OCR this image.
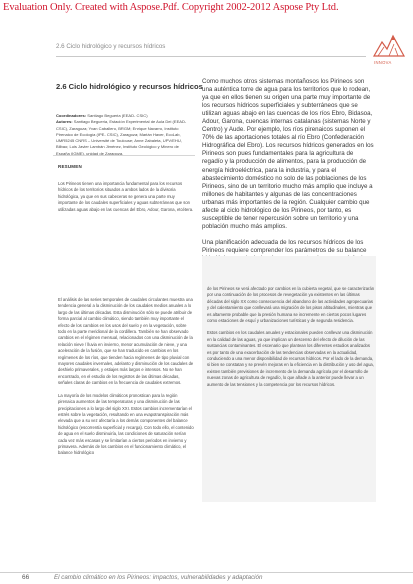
Evaluation Only. Created with Aspose.Pdf. Copyright 2002-2012 Aspose Pty Ltd.
2.6 Ciclo hidrológico y recursos hídricos
INNOVA
2.6 Ciclo hidrológico y recursos hídricos
Coordinadores: Santiago Begueria (EEAD- CSIC)
Autores: Santiago Begueria, Estación Experimental de Aula Dei (EEAD-CSIC), Zaragoza; Yvan Caballero, BRGM; Enrique Navarro, Instituto Pirenaico de Ecología (IPE- CSIC), Zaragoza; Marián Haver, EcoLab, UMR5245 CNRS – Université de Toulouse; Anne Zabaleta, UPV/EHU, Bilbao; Luis Javier Lambán Jiménez, Instituto Geológico y Minero de España (IGME), unidad de Zaragoza.
RESUMEN
Los Pirineos tienen una importancia fundamental para los recursos hídricos de los territorios situados a ambos lados de la divisoria hidrológica, ya que en sus cabeceras se genera una parte muy importante de los caudales superficiales y aguas subterráneas que son utilizadas aguas abajo en las cuencas del Ebro, Adour, Garona, etcétera.

El análisis de las series temporales de caudales circulantes muestra una tendencia general a la disminución de los caudales medios anuales a lo largo de las últimas décadas. Esta disminución sólo se puede atribuir de forma parcial al cambio climático, siendo también muy importante el efecto de los cambios en los usos del suelo y en la vegetación, sobre todo en la parte meridional de la cordillera. También se han observado cambios en el régimen mensual, relacionados con una disminución de la relación nieve / lluvia en invierno, menor acumulación de nieve, y una aceleración de la fusión, que se han traducido en cambios en los regímenes de los ríos, que tienden hacia regímenes de tipo pluvial con mayores caudales invernales, adelanto y disminución de los caudales de deshielo primaverales, y estiajes más largos e intensos. No se han encontrado, en el estudio de los registros de las últimas décadas, señales claras de cambios en la frecuencia de caudales extremos.

La mayoría de los modelos climáticos pronostican para la región pirenaica aumentos de las temperaturas y una disminución de las precipitaciones a lo largo del siglo XXI. Estos cambios incrementarían el estrés sobre la vegetación, resultando en una evapotranspiración más elevada que a su vez afectaría a los demás componentes del balance hidrológico (escorrentía superficial y recarga). Con todo ello, el contenido de agua en el suelo disminuiría, las condiciones de saturación serían cada vez más escasas y se limitarían a ciertos periodos en invierno y primavera. Además de los cambios en el funcionamiento climático, el balance hidrológico

Como muchos otros sistemas montañosos los Pirineos son una auténtica torre de agua para los territorios que lo rodean, ya que en ellos tienen su origen una parte muy importante de los recursos hídricos superficiales y subterráneos que se utilizan aguas abajo en las cuencas de los ríos Ebro, Bidasoa, Adour, Garona, cuencas internas catalanas (sistemas Norte y Centro) y Aude. Por ejemplo, los ríos pirenaicos suponen el 70% de las aportaciones totales al río Ebro (Confederación Hidrográfica del Ebro). Los recursos hídricos generados en los Pirineos son pues fundamentales para la agricultura de regadío y la producción de alimentos, para la producción de energía hidroeléctrica, para la industria, y para el abastecimiento doméstico no solo de las poblaciones de los Pirineos, sino de un territorio mucho más amplio que incluye a millones de habitantes y algunas de las concentraciones urbanas más importantes de la región. Cualquier cambio que afecte al ciclo hidrológico de los Pirineos, por tanto, es susceptible de tener repercusión sobre un territorio y una población mucho más amplios.

Una planificación adecuada de los recursos hídricos de los Pirineos requiere comprender los parámetros de su balance

de los Pirineos se verá afectado por cambios en la cubierta vegetal, que se caracterizarán por una continuación de los procesos de revegetación ya existentes en las últimas décadas del siglo XX como consecuencia del abandono de las actividades agropecuarias y del calentamiento que conllevará una migración de los pisos altitudinales, mientras que es altamente probable que la presión humana se incremente en ciertos pocos lugares como estaciones de esquí y urbanizaciones turísticas y de segunda residencia.

Estos cambios en los caudales anuales y estacionales pueden conllevar una disminución en la calidad de las aguas, ya que implican un descenso del efecto de dilución de las sustancias contaminantes. El escenario que plantean los diferentes estudios analizados es por tanto de una exacerbación de las tendencias observadas en la actualidad, conduciendo a una menor disponibilidad de recursos hídricos. Por el lado de la demanda, si bien se constatan y se prevén mejoras en la eficiencia en la distribución y uso del agua, existen también previsiones de incremento de la demanda agrícola por el desarrollo de nuevas zonas de agricultura de regadío, lo que añade a la anterior puede llevar a un aumento de las tensiones y la competencia por los recursos hídricos.

66	El cambio climático en los Pirineos: impactos, vulnerabilidades y adaptación
